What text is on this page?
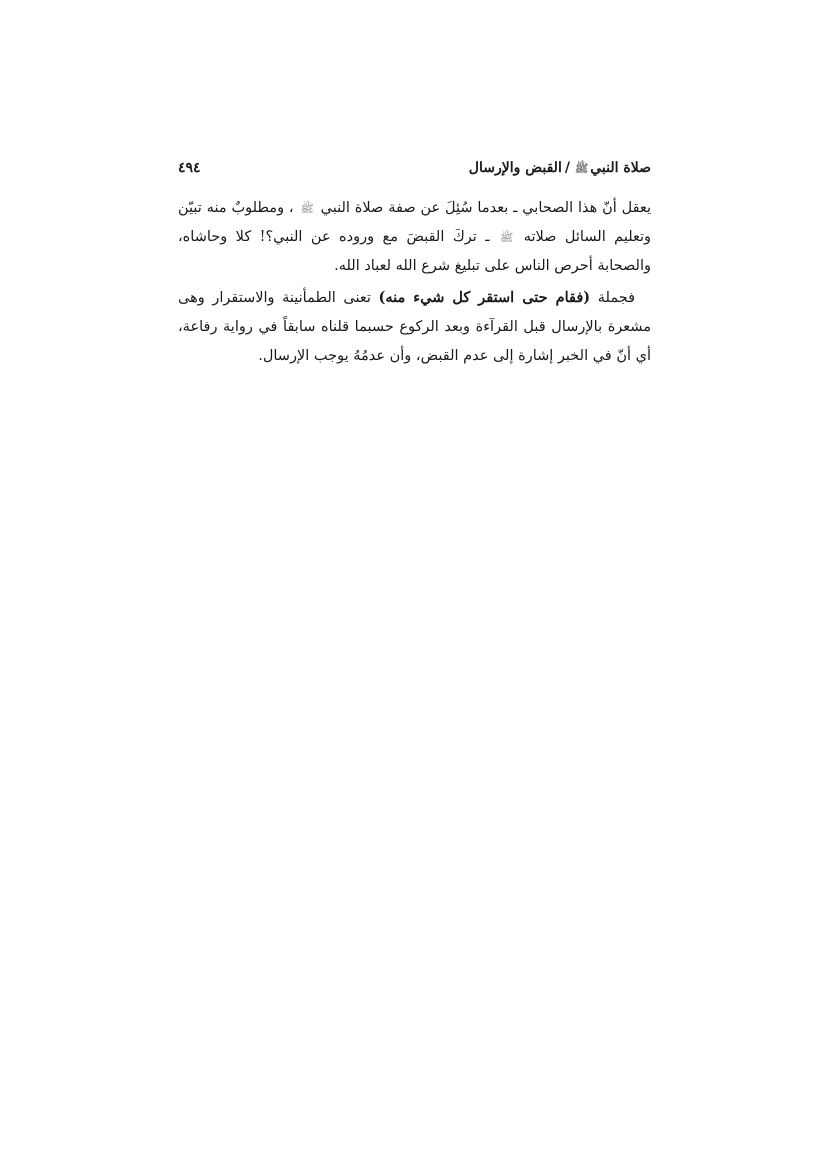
صلاة النبيﷺ/القبض والإرسال
٤٩٤

يعقل أنّ هذا الصحابي ـ بعدما سُئِلَ عن صفة صلاة النبي ﷺ ، ومطلوبٌ منه تبيّن وتعليم السائل صلاته ﷺ ـ تركَ القبضَ مع وروده عن النبي؟! كلا وحاشاه، والصحابة أحرص الناس على تبليغ شرع الله لعباد الله.

فجملة (فقام حتى استقر كل شيء منه) تعنى الطمأنينة والاستقرار وهى مشعرة بالإرسال قبل القرآءة وبعد الركوع حسبما قلناه سابقاً في رواية رفاعة، أي أنّ في الخبر إشارة إلى عدم القبض، وأن عدمُهُ يوجب الإرسال.
